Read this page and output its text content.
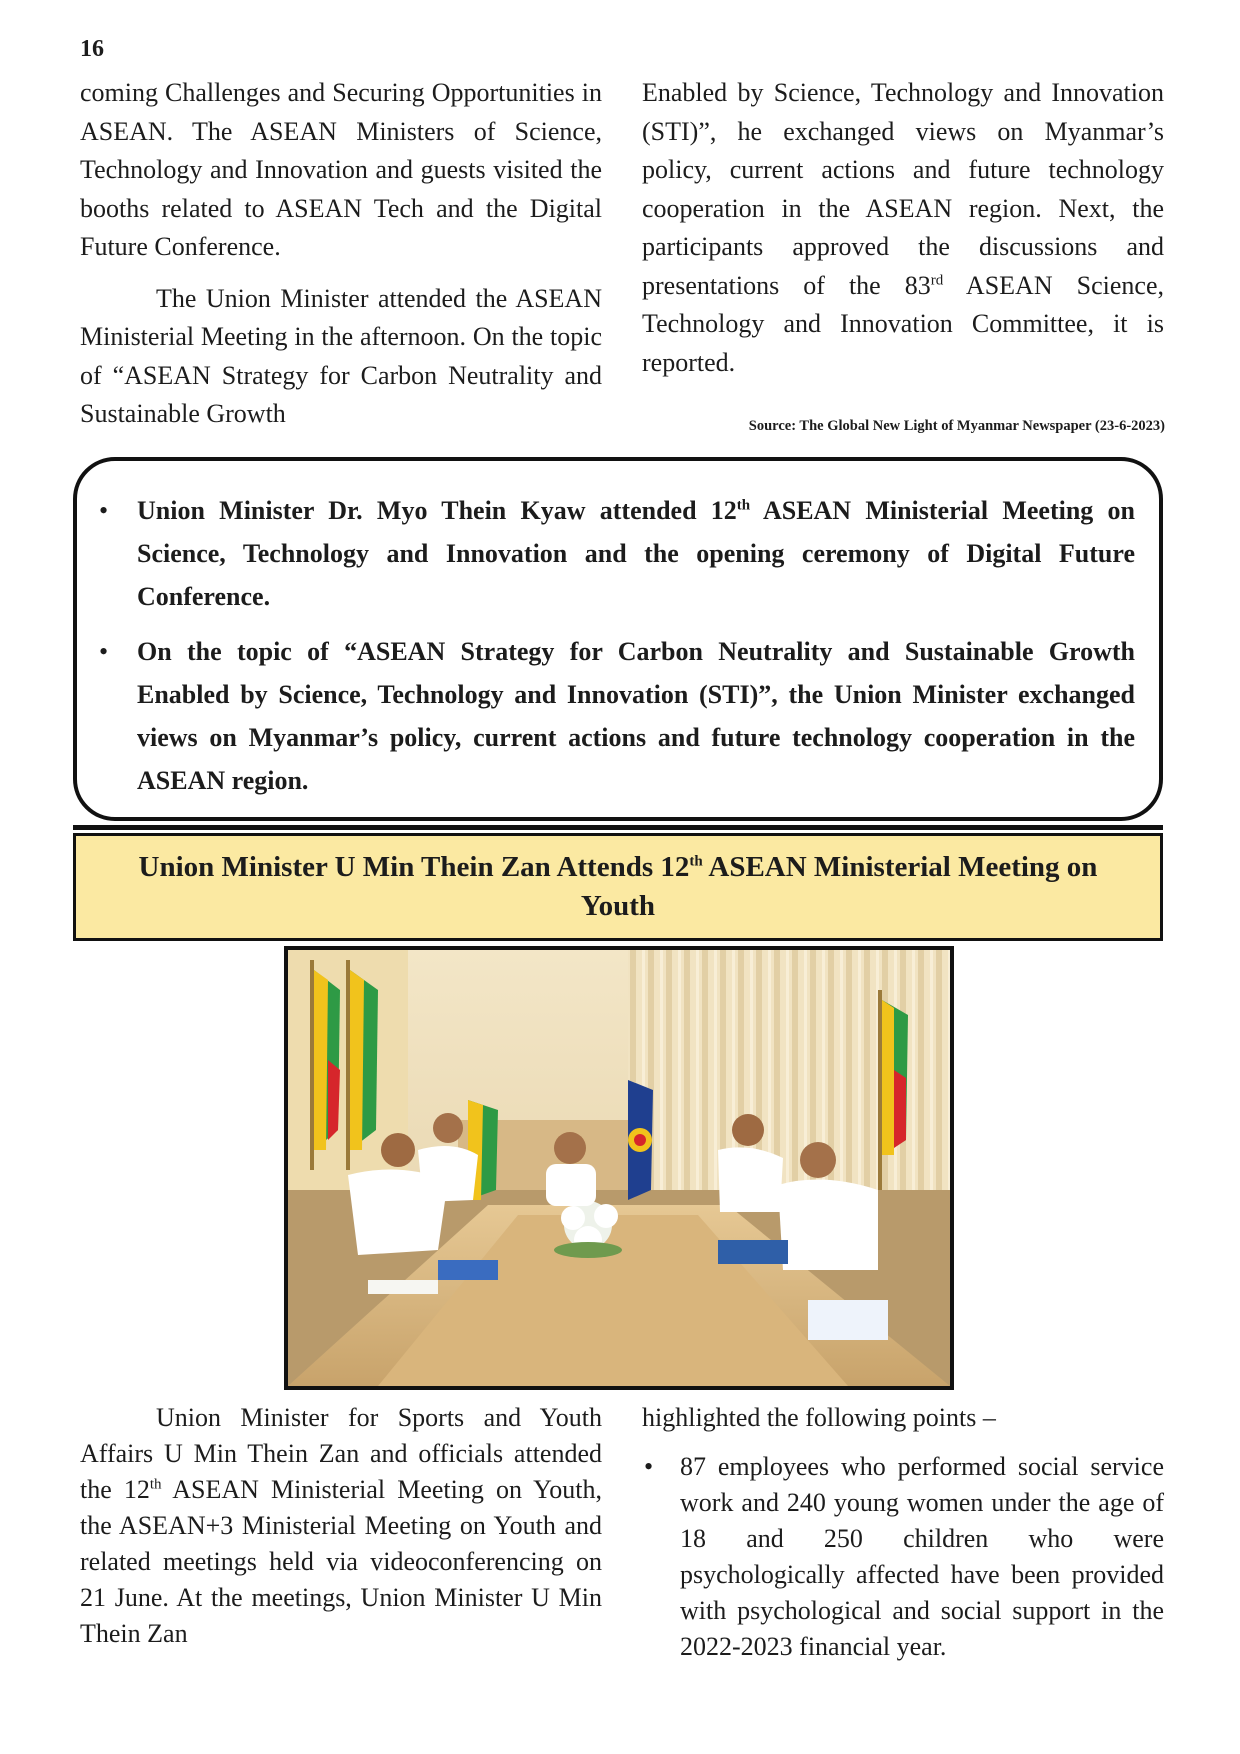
16

coming Challenges and Securing Opportunities in ASEAN. The ASEAN Ministers of Science, Technology and Innovation and guests visited the booths related to ASEAN Tech and the Digital Future Conference.

The Union Minister attended the ASEAN Ministerial Meeting in the afternoon. On the topic of “ASEAN Strategy for Carbon Neutrality and Sustainable Growth

Enabled by Science, Technology and Innovation (STI)”, he exchanged views on Myanmar’s policy, current actions and future technology cooperation in the ASEAN region. Next, the participants approved the discussions and presentations of the 83rd ASEAN Science, Technology and Innovation Committee, it is reported.

Source: The Global New Light of Myanmar Newspaper (23-6-2023)
• Union Minister Dr. Myo Thein Kyaw attended 12th ASEAN Ministerial Meeting on Science, Technology and Innovation and the opening ceremony of Digital Future Conference.
• On the topic of “ASEAN Strategy for Carbon Neutrality and Sustainable Growth Enabled by Science, Technology and Innovation (STI)”, the Union Minister exchanged views on Myanmar’s policy, current actions and future technology cooperation in the ASEAN region.
Union Minister U Min Thein Zan Attends 12th ASEAN Ministerial Meeting on Youth

Union Minister for Sports and Youth Affairs U Min Thein Zan and officials attended the 12th ASEAN Ministerial Meeting on Youth, the ASEAN+3 Ministerial Meeting on Youth and related meetings held via videoconferencing on 21 June. At the meetings, Union Minister U Min Thein Zan

highlighted the following points –

• 87 employees who performed social service work and 240 young women under the age of 18 and 250 children who were psychologically affected have been provided with psychological and social support in the 2022-2023 financial year.
